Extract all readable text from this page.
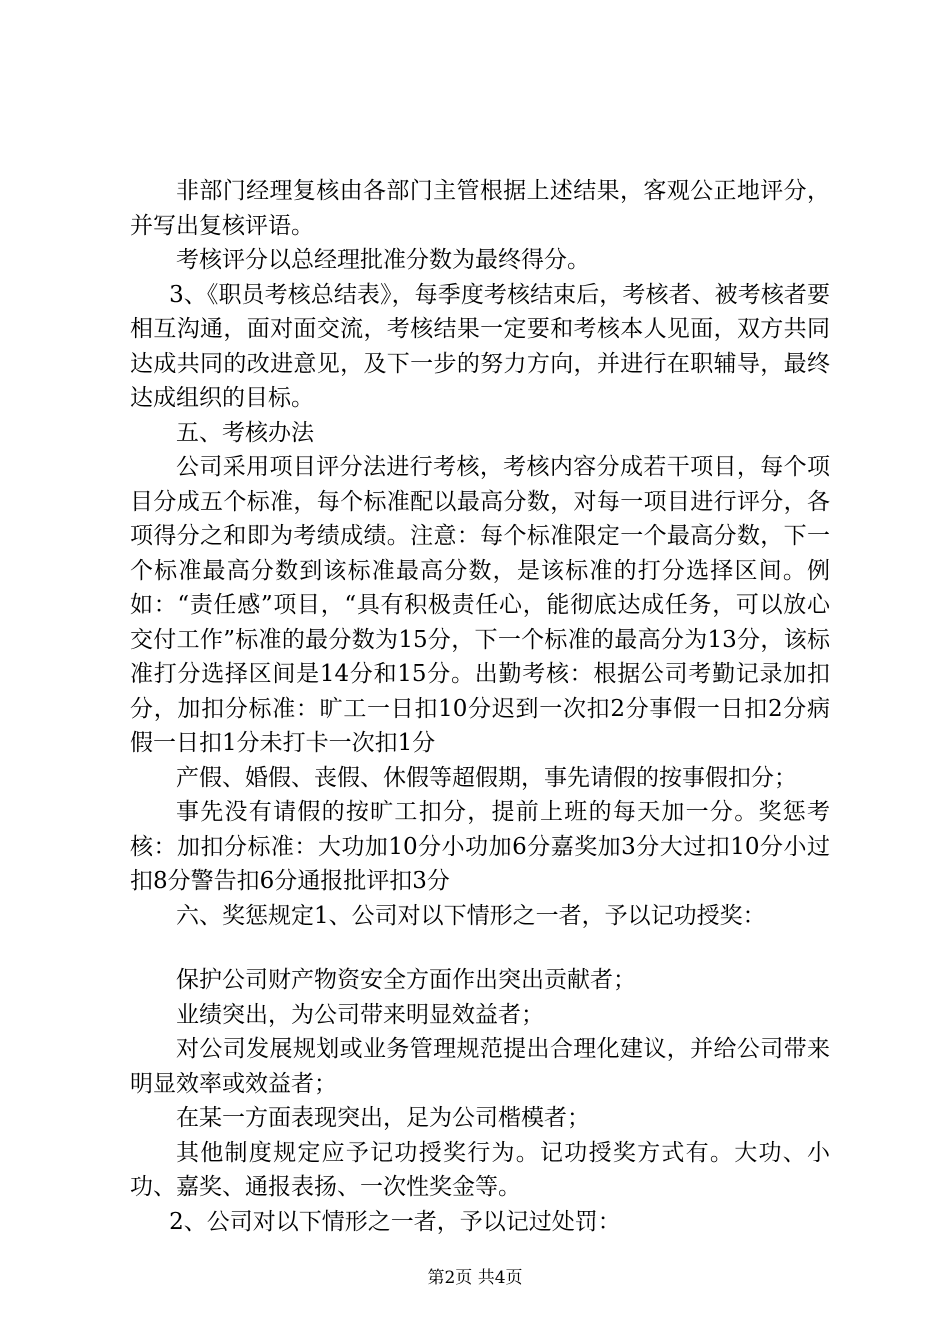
非部门经理复核由各部门主管根据上述结果，客观公正地评分，并写出复核评语。

考核评分以总经理批准分数为最终得分。

3、《职员考核总结表》，每季度考核结束后，考核者、被考核者要相互沟通，面对面交流，考核结果一定要和考核本人见面，双方共同达成共同的改进意见，及下一步的努力方向，并进行在职辅导，最终达成组织的目标。

五、考核办法

公司采用项目评分法进行考核，考核内容分成若干项目，每个项目分成五个标准，每个标准配以最高分数，对每一项目进行评分，各项得分之和即为考绩成绩。注意：每个标准限定一个最高分数，下一个标准最高分数到该标准最高分数，是该标准的打分选择区间。例如：“责任感”项目，“具有积极责任心，能彻底达成任务，可以放心交付工作”标准的最分数为15分，下一个标准的最高分为13分，该标准打分选择区间是14分和15分。出勤考核：根据公司考勤记录加扣分，加扣分标准：旷工一日扣10分迟到一次扣2分事假一日扣2分病假一日扣1分未打卡一次扣1分

产假、婚假、丧假、休假等超假期，事先请假的按事假扣分；

事先没有请假的按旷工扣分，提前上班的每天加一分。奖惩考核：加扣分标准：大功加10分小功加6分嘉奖加3分大过扣10分小过扣8分警告扣6分通报批评扣3分

六、奖惩规定1、公司对以下情形之一者，予以记功授奖：

保护公司财产物资安全方面作出突出贡献者；

业绩突出，为公司带来明显效益者；

对公司发展规划或业务管理规范提出合理化建议，并给公司带来明显效率或效益者；

在某一方面表现突出，足为公司楷模者；

其他制度规定应予记功授奖行为。记功授奖方式有。大功、小功、嘉奖、通报表扬、一次性奖金等。

2、公司对以下情形之一者，予以记过处罚：

第2页 共4页
